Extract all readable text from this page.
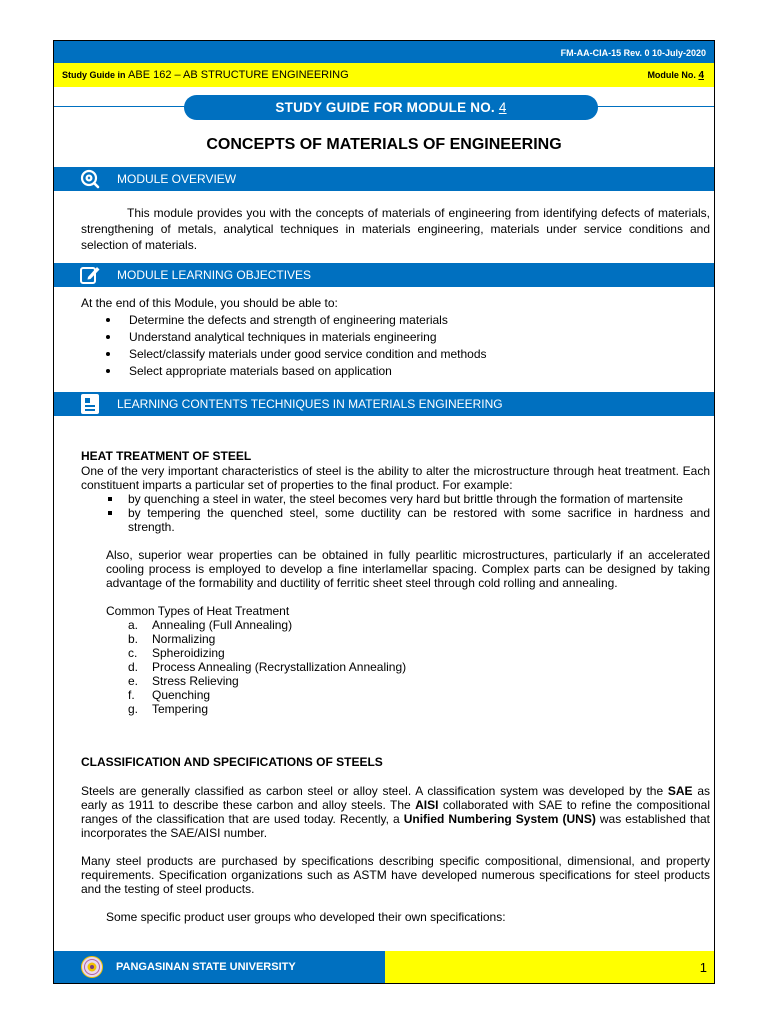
FM-AA-CIA-15 Rev. 0 10-July-2020
Study Guide in ABE 162 – AB STRUCTURE ENGINEERING	Module No. 4
STUDY GUIDE FOR MODULE NO. 4
CONCEPTS OF MATERIALS OF ENGINEERING
MODULE OVERVIEW
This module provides you with the concepts of materials of engineering from identifying defects of materials, strengthening of metals, analytical techniques in materials engineering, materials under service conditions and selection of materials.
MODULE LEARNING OBJECTIVES
At the end of this Module, you should be able to:
Determine the defects and strength of engineering materials
Understand analytical techniques in materials engineering
Select/classify materials under good service condition and methods
Select appropriate materials based on application
LEARNING CONTENTS TECHNIQUES IN MATERIALS ENGINEERING
HEAT TREATMENT OF STEEL
One of the very important characteristics of steel is the ability to alter the microstructure through heat treatment. Each constituent imparts a particular set of properties to the final product. For example:
by quenching a steel in water, the steel becomes very hard but brittle through the formation of martensite
by tempering the quenched steel, some ductility can be restored with some sacrifice in hardness and strength.
Also, superior wear properties can be obtained in fully pearlitic microstructures, particularly if an accelerated cooling process is employed to develop a fine interlamellar spacing. Complex parts can be designed by taking advantage of the formability and ductility of ferritic sheet steel through cold rolling and annealing.
Common Types of Heat Treatment
a. Annealing (Full Annealing)
b. Normalizing
c. Spheroidizing
d. Process Annealing (Recrystallization Annealing)
e. Stress Relieving
f. Quenching
g. Tempering
CLASSIFICATION AND SPECIFICATIONS OF STEELS
Steels are generally classified as carbon steel or alloy steel. A classification system was developed by the SAE as early as 1911 to describe these carbon and alloy steels. The AISI collaborated with SAE to refine the compositional ranges of the classification that are used today. Recently, a Unified Numbering System (UNS) was established that incorporates the SAE/AISI number.
Many steel products are purchased by specifications describing specific compositional, dimensional, and property requirements. Specification organizations such as ASTM have developed numerous specifications for steel products and the testing of steel products.
Some specific product user groups who developed their own specifications:
PANGASINAN STATE UNIVERSITY	1
